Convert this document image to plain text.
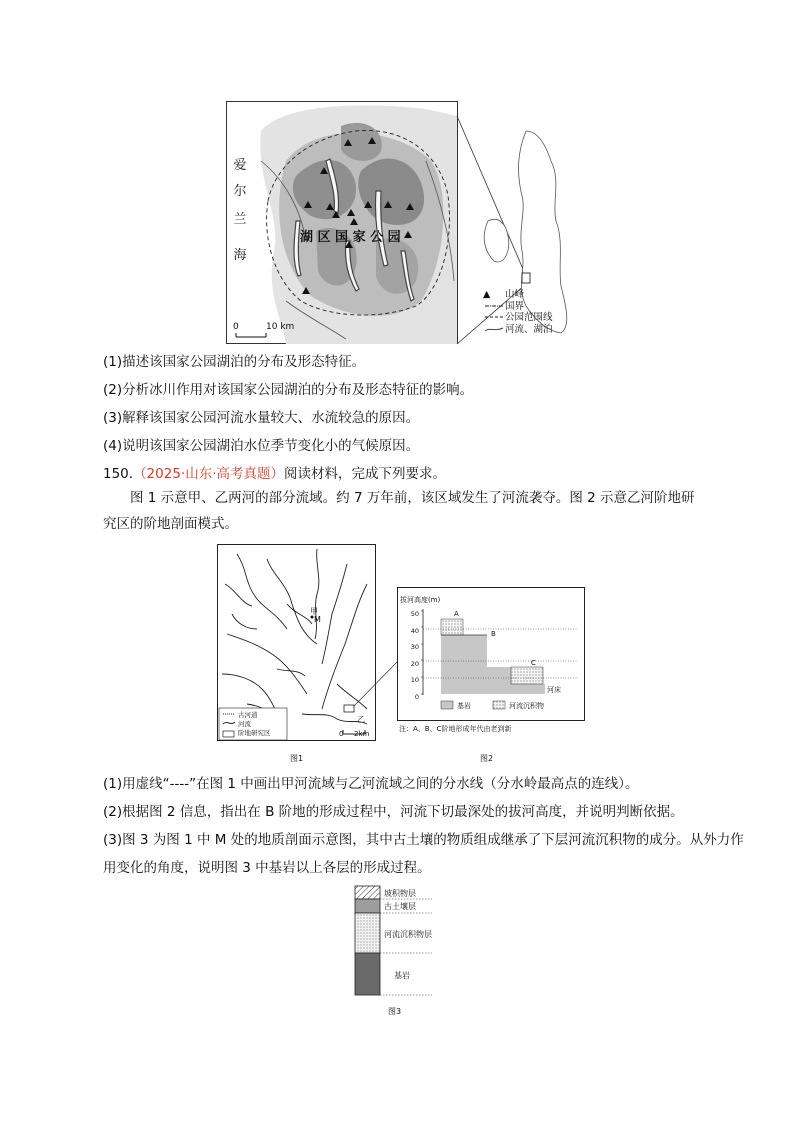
爱
尔
兰
海
湖 区 国 家 公 园
0	10 km
▲ 山峰
国界
公园范围线
河流、湖泊
(1)描述该国家公园湖泊的分布及形态特征。
(2)分析冰川作用对该国家公园湖泊的分布及形态特征的影响。
(3)解释该国家公园河流水量较大、水流较急的原因。
(4)说明该国家公园湖泊水位季节变化小的气候原因。
150.（2025·山东·高考真题）阅读材料，完成下列要求。
图 1 示意甲、乙两河的部分流域。约 7 万年前，该区域发生了河流袭夺。图 2 示意乙河阶地研究区的阶地剖面模式。
甲
M
乙
古河道
河流
阶地研究区	0 2km
图1
拔河高度(m)
50
40
30
20
10
0
A
B
C
河床
基岩	河流沉积物
注：A、B、C阶地形成年代由老到新
图2
(1)用虚线“----”在图 1 中画出甲河流域与乙河流域之间的分水线（分水岭最高点的连线）。
(2)根据图 2 信息，指出在 B 阶地的形成过程中，河流下切最深处的拔河高度，并说明判断依据。
(3)图 3 为图 1 中 M 处的地质剖面示意图，其中古土壤的物质组成继承了下层河流沉积物的成分。从外力作
用变化的角度，说明图 3 中基岩以上各层的形成过程。
坡积物层
古土壤层
河流沉积物层
基岩
图3
